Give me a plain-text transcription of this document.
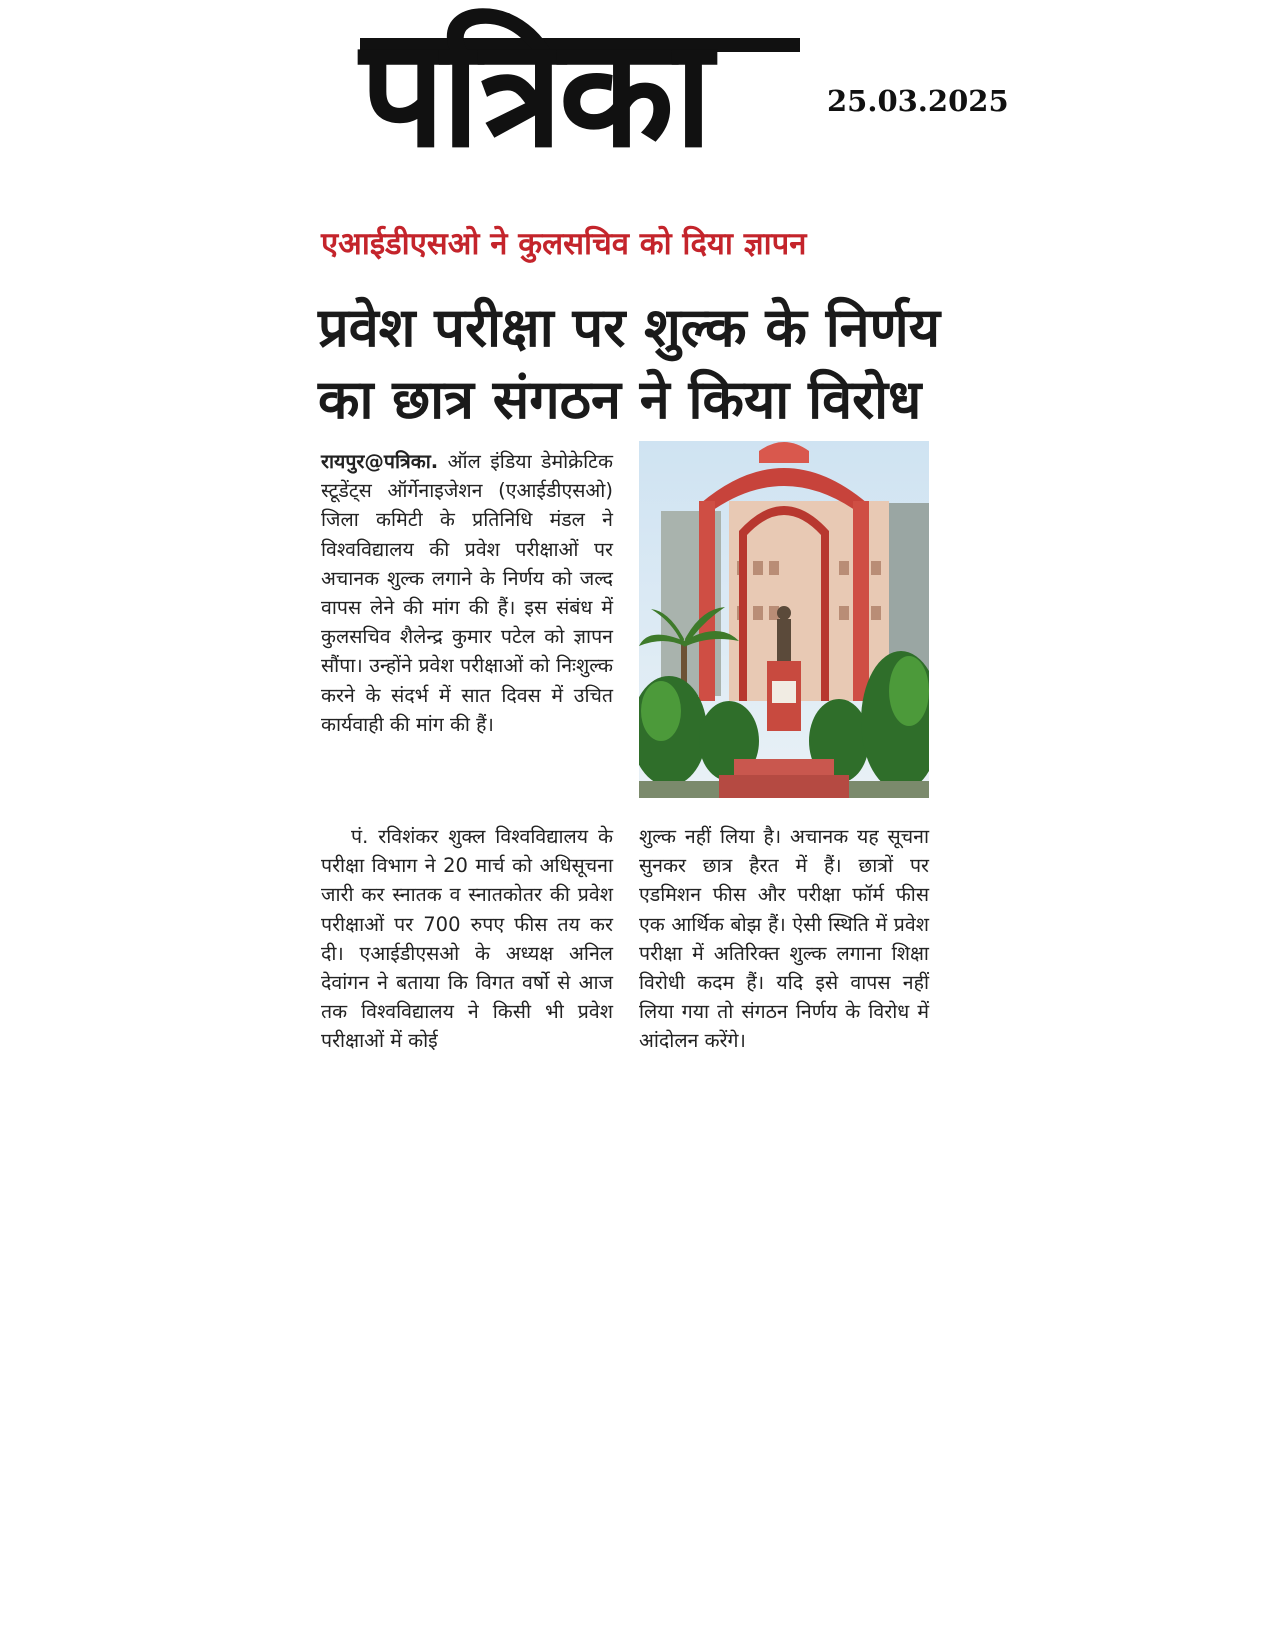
पत्रिका	25.03.2025
एआईडीएसओ ने कुलसचिव को दिया ज्ञापन
प्रवेश परीक्षा पर शुल्क के निर्णय
का छात्र संगठन ने किया विरोध
रायपुर@पत्रिका. ऑल इंडिया डेमोक्रेटिक स्टूडेंट्स ऑर्गेनाइजेशन (एआईडीएसओ) जिला कमिटी के प्रतिनिधि मंडल ने विश्वविद्यालय की प्रवेश परीक्षाओं पर अचानक शुल्क लगाने के निर्णय को जल्द वापस लेने की मांग की हैं। इस संबंध में कुलसचिव शैलेन्द्र कुमार पटेल को ज्ञापन सौंपा। उन्होंने प्रवेश परीक्षाओं को निःशुल्क करने के संदर्भ में सात दिवस में उचित कार्यवाही की मांग की हैं।
पं. रविशंकर शुक्ल विश्वविद्यालय के परीक्षा विभाग ने 20 मार्च को अधिसूचना जारी कर स्नातक व स्नातकोतर की प्रवेश परीक्षाओं पर 700 रुपए फीस तय कर दी। एआईडीएसओ के अध्यक्ष अनिल देवांगन ने बताया कि विगत वर्षो से आज तक विश्वविद्यालय ने किसी भी प्रवेश परीक्षाओं में कोई
शुल्क नहीं लिया है। अचानक यह सूचना सुनकर छात्र हैरत में हैं। छात्रों पर एडमिशन फीस और परीक्षा फॉर्म फीस एक आर्थिक बोझ हैं। ऐसी स्थिति में प्रवेश परीक्षा में अतिरिक्त शुल्क लगाना शिक्षा विरोधी कदम हैं। यदि इसे वापस नहीं लिया गया तो संगठन निर्णय के विरोध में आंदोलन करेंगे।
